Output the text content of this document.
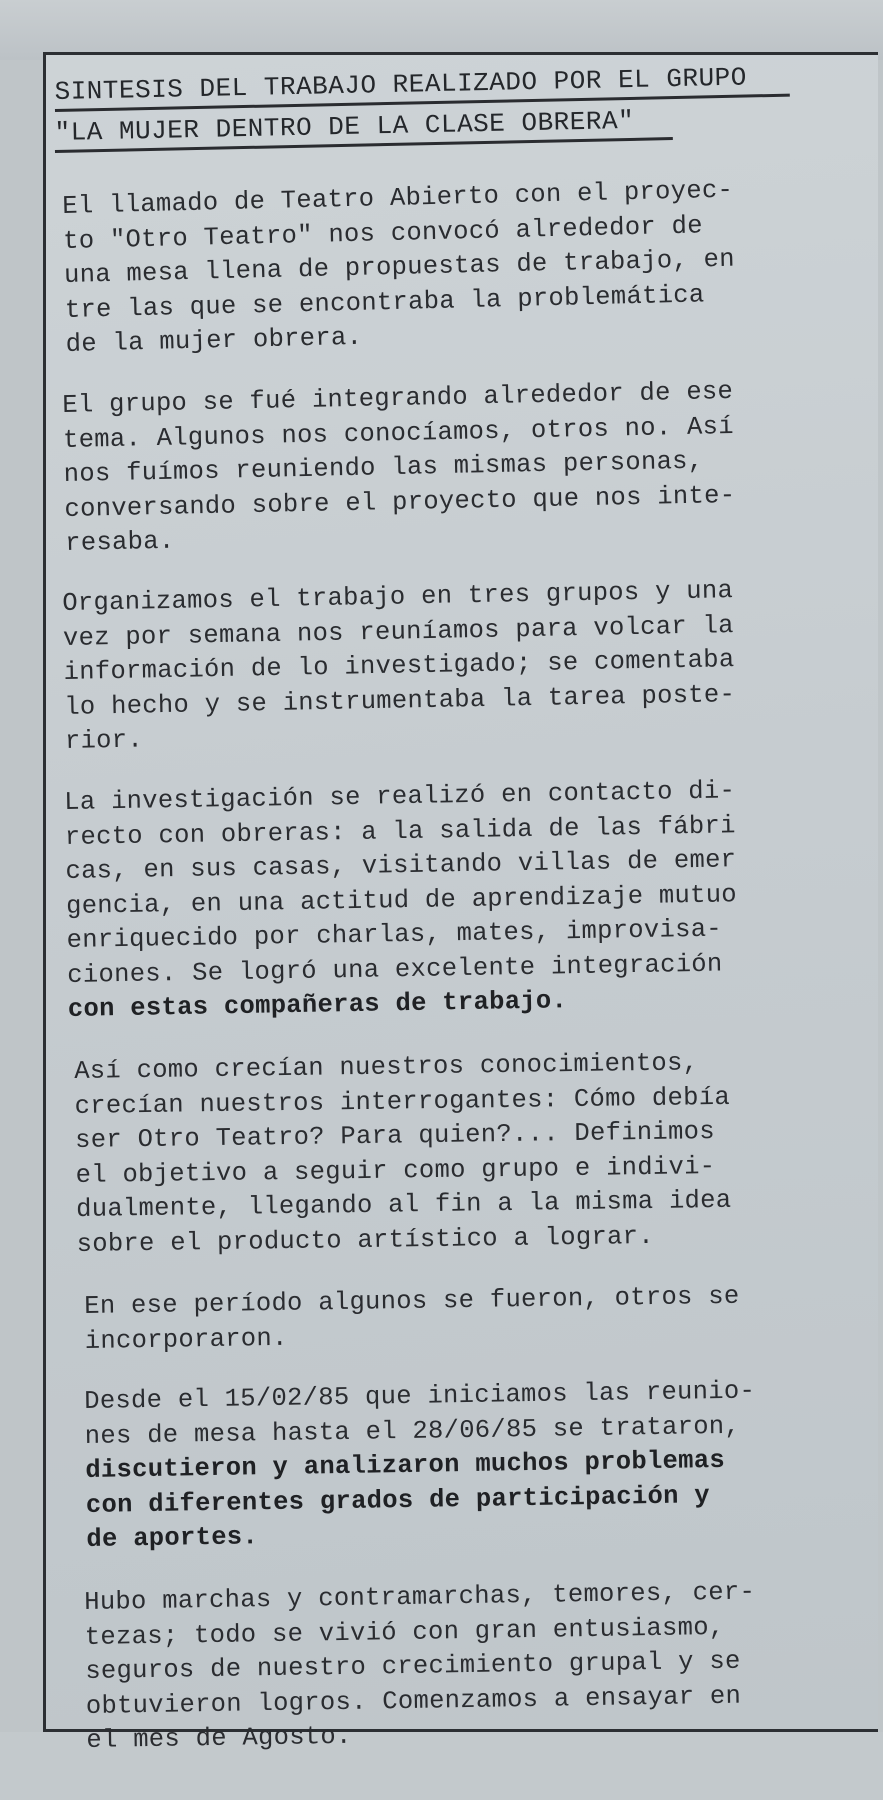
SINTESIS DEL TRABAJO REALIZADO POR EL GRUPO
"LA MUJER DENTRO DE LA CLASE OBRERA"
El llamado de Teatro Abierto con el proyec-
to "Otro Teatro" nos convocó alrededor de
una mesa llena de propuestas de trabajo, en
tre las que se encontraba la problemática
de la mujer obrera.
El grupo se fué integrando alrededor de ese
tema. Algunos nos conocíamos, otros no. Así
nos fuímos reuniendo las mismas personas,
conversando sobre el proyecto que nos inte-
resaba.
Organizamos el trabajo en tres grupos y una
vez por semana nos reuníamos para volcar la
información de lo investigado; se comentaba
lo hecho y se instrumentaba la tarea poste-
rior.
La investigación se realizó en contacto di-
recto con obreras: a la salida de las fábri
cas, en sus casas, visitando villas de emer
gencia, en una actitud de aprendizaje mutuo
enriquecido por charlas, mates, improvisa-
ciones. Se logró una excelente integración
con estas compañeras de trabajo.
Así como crecían nuestros conocimientos,
crecían nuestros interrogantes: Cómo debía
ser Otro Teatro? Para quien?... Definimos
el objetivo a seguir como grupo e indivi-
dualmente, llegando al fin a la misma idea
sobre el producto artístico a lograr.
En ese período algunos se fueron, otros se
incorporaron.
Desde el 15/02/85 que iniciamos las reunio-
nes de mesa hasta el 28/06/85 se trataron,
discutieron y analizaron muchos problemas
con diferentes grados de participación y
de aportes.
Hubo marchas y contramarchas, temores, cer-
tezas; todo se vivió con gran entusiasmo,
seguros de nuestro crecimiento grupal y se
obtuvieron logros. Comenzamos a ensayar en
el mes de Agosto.
